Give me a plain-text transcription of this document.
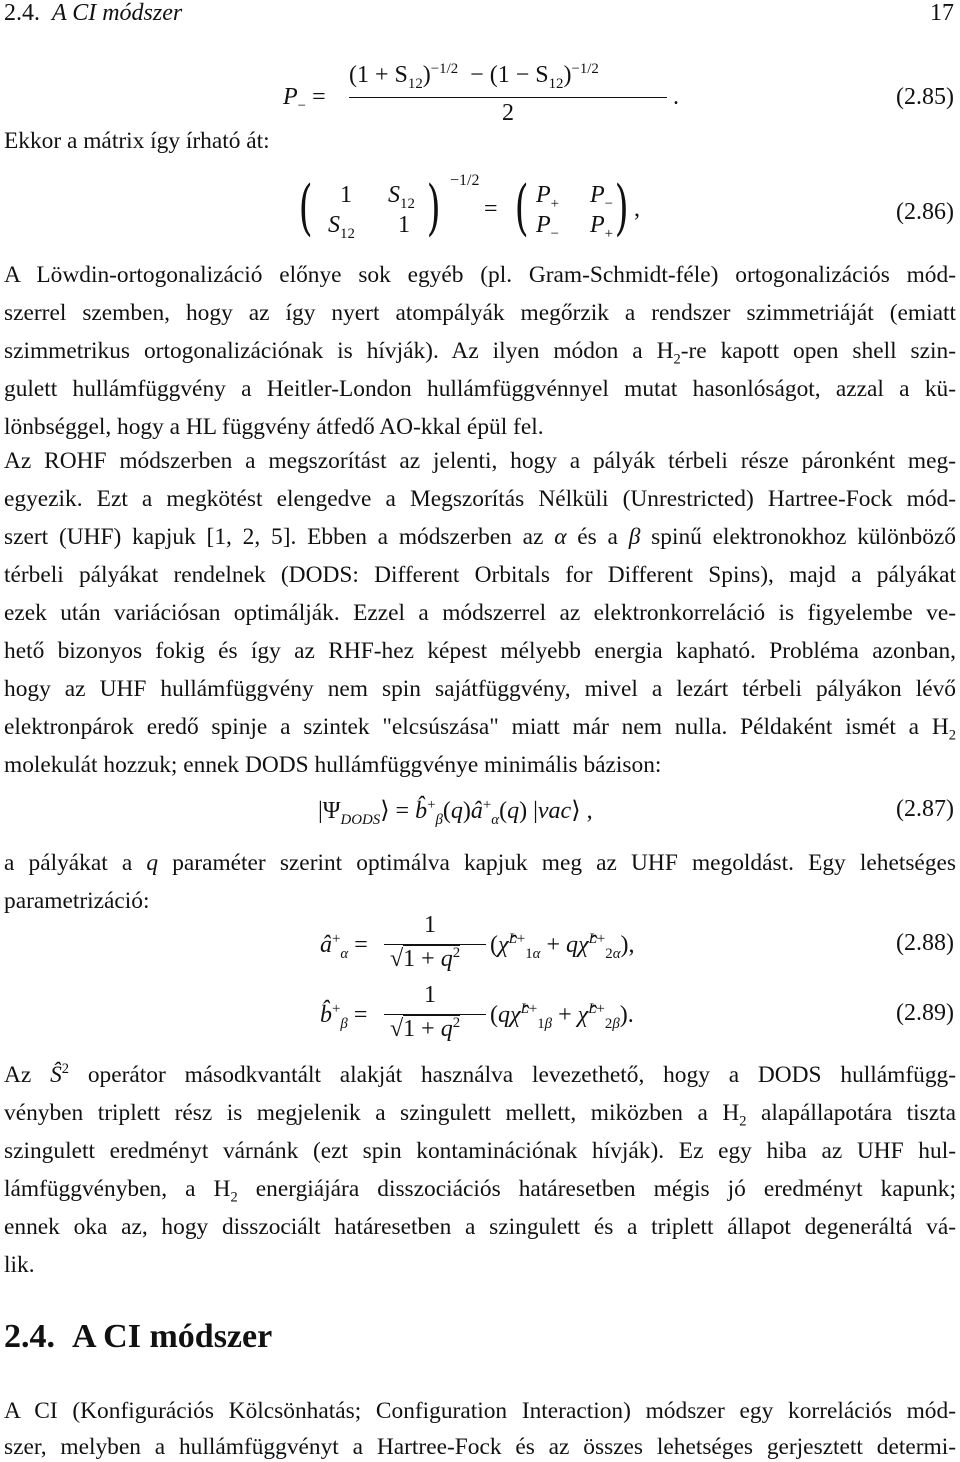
2.4. A CI módszer	17
Ekkor a mátrix így írható át:
$P_-$ =
$(1 + S_{12})^{-1/2} - (1 - S_{12})^{-1/2}$
2
.	(2.85)
( 1 $S_{12}$
$S_{12}$ 1 ) −1/2
= ( $P_+$ $P_-$
$P_-$ $P_+$ ) ,	(2.86)
A Löwdin-ortogonalizáció előnye sok egyéb (pl. Gram-Schmidt-féle) ortogonalizációs mód-
szerrel szemben, hogy az így nyert atompályák megőrzik a rendszer szimmetriáját (emiatt
szimmetrikus ortogonalizációnak is hívják). Az ilyen módon a $H_2-re$ kapott open shell szin-
gulett hullámfüggvény a Heitler-London hullámfüggvénnyel mutat hasonlóságot, azzal a kü-
lönbséggel, hogy a HL függvény átfedő AO-kkal épül fel.
Az ROHF módszerben a megszorítást az jelenti, hogy a pályák térbeli része páronként meg-
egyezik. Ezt a megkötést elengedve a Megszorítás Nélküli (Unrestricted) Hartree-Fock mód-
szert (UHF) kapjuk [1, 2, 5]. Ebben a módszerben az α és a β spinű elektronokhoz különböző
térbeli pályákat rendelnek (DODS: Different Orbitals for Different Spins), majd a pályákat
ezek után variációsan optimálják. Ezzel a módszerrel az elektronkorreláció is figyelembe ve-
hető bizonyos fokig és így az RHF-hez képest mélyebb energia kapható. Probléma azonban,
hogy az UHF hullámfüggvény nem spin sajátfüggvény, mivel a lezárt térbeli pályákon lévő
elektronpárok eredő spinje a szintek "elcsúszása" miatt már nem nulla. Példaként ismét a $H_2$
molekulát hozzuk; ennek DODS hullámfüggvénye minimális bázison:
$|\Psi_{DODS}⟩$ = $b̂^+_\beta(q)â^+_\alpha(q)$ |vac⟩ ,	(2.87)
a pályákat a q paraméter szerint optimálva kapjuk meg az UHF megoldást. Egy lehetséges
parametrizáció:
$â^+_\alpha$ =
1
$√1 + q^2$ (χ̂$^{L+}_{1\alpha}$ + qχ̂$^{L+}_{2\alpha}$),	(2.88)
$b̂^+_\beta$ =
1
$√1 + q^2$ (qχ̂$^{L+}_{1\beta}$ + χ̂$^{L+}_{2\beta}$).	(2.89)
Az $Ŝ^2$ operátor másodkvantált alakját használva levezethető, hogy a DODS hullámfügg-
vényben triplett rész is megjelenik a szingulett mellett, miközben a $H_2$ alapállapotára tiszta
szingulett eredményt várnánk (ezt spin kontaminációnak hívják). Ez egy hiba az UHF hul-
lámfüggvényben, a $H_2$ energiájára disszociációs határesetben mégis jó eredményt kapunk;
ennek oka az, hogy disszociált határesetben a szingulett és a triplett állapot degeneráltá vá-
lik.
2.4. A CI módszer
A CI (Konfigurációs Kölcsönhatás; Configuration Interaction) módszer egy korrelációs mód-
szer, melyben a hullámfüggvényt a Hartree-Fock és az összes lehetséges gerjesztett determi-
